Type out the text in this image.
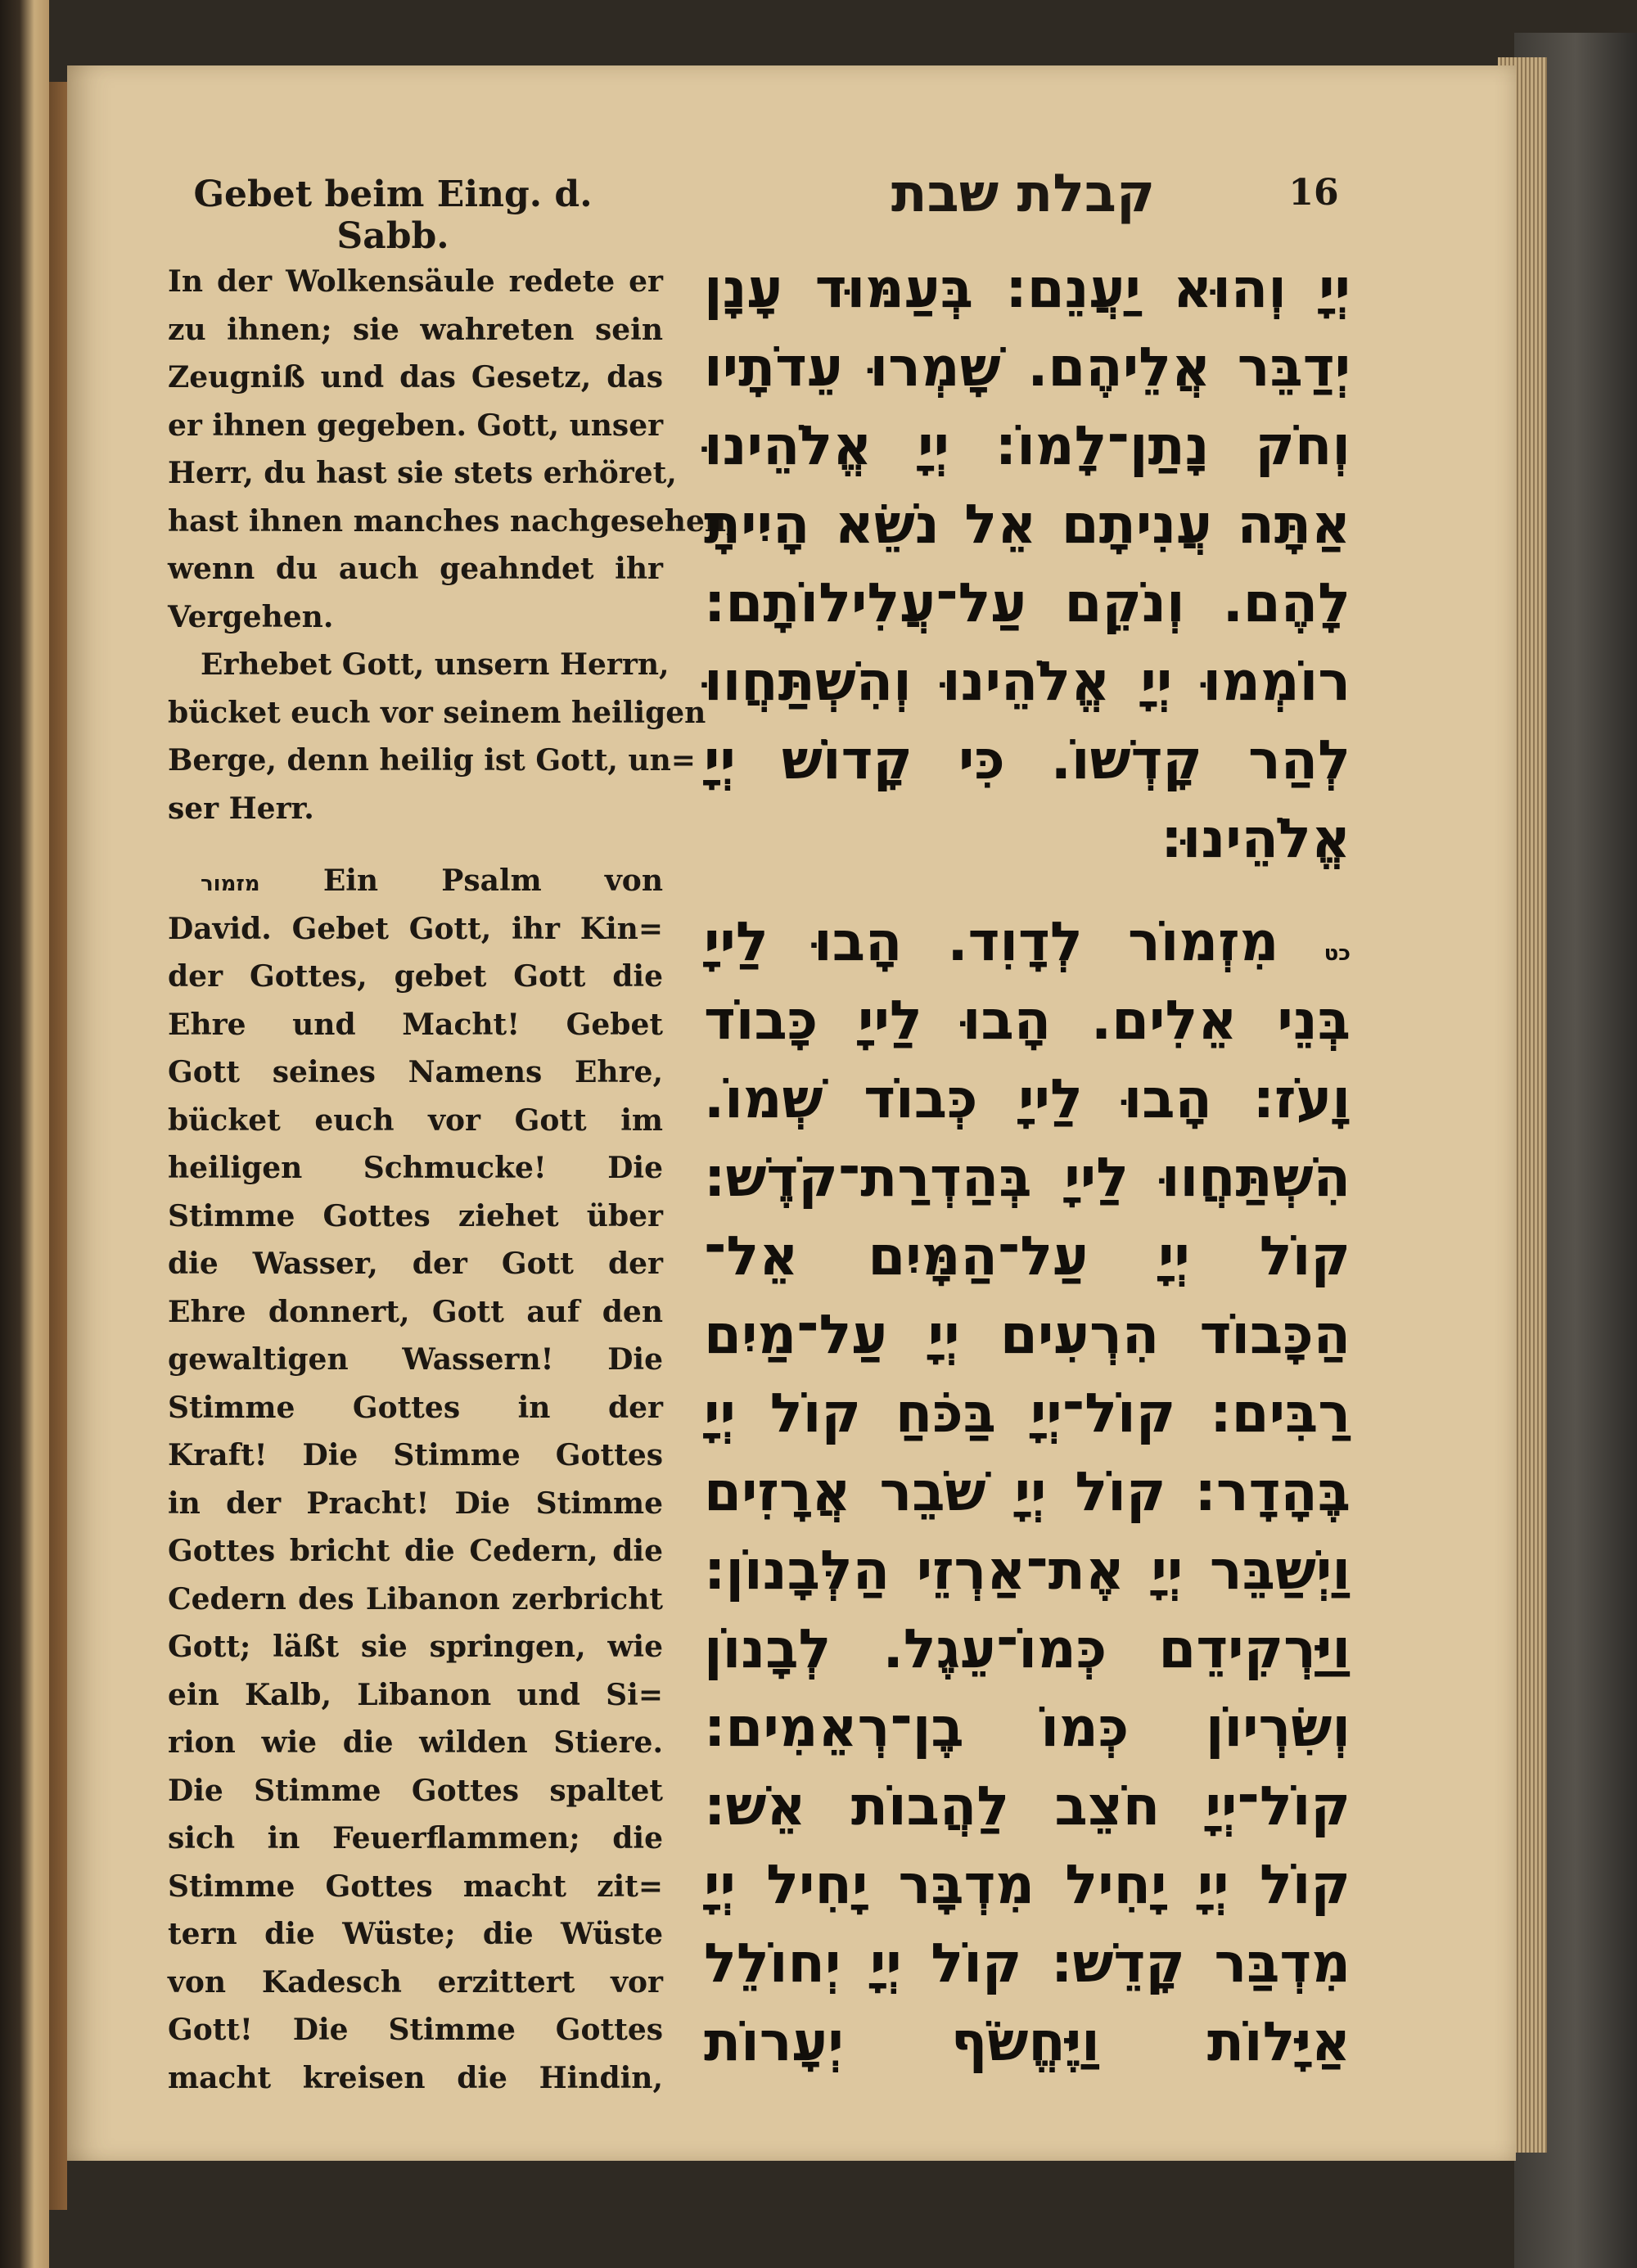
Gebet beim Eing. d. Sabb.
קבלת שבת	16
In der Wolkensäule redete er
zu ihnen; sie wahreten sein
Zeugniß und das Gesetz, das
er ihnen gegeben. Gott, unser
Herr, du hast sie stets erhöret,
hast ihnen manches nachgesehen,
wenn du auch geahndet ihr
Vergehen.
Erhebet Gott, unsern Herrn,
bücket euch vor seinem heiligen
Berge, denn heilig ist Gott, un=
ser Herr.
מזמור Ein Psalm von
David. Gebet Gott, ihr Kin=
der Gottes, gebet Gott die
Ehre und Macht! Gebet
Gott seines Namens Ehre,
bücket euch vor Gott im
heiligen Schmucke! Die
Stimme Gottes ziehet über
die Wasser, der Gott der
Ehre donnert, Gott auf den
gewaltigen Wassern! Die
Stimme Gottes in der
Kraft! Die Stimme Gottes
in der Pracht! Die Stimme
Gottes bricht die Cedern, die
Cedern des Libanon zerbricht
Gott; läßt sie springen, wie
ein Kalb, Libanon und Si=
rion wie die wilden Stiere.
Die Stimme Gottes spaltet
sich in Feuerflammen; die
Stimme Gottes macht zit=
tern die Wüste; die Wüste
von Kadesch erzittert vor
Gott! Die Stimme Gottes
macht kreisen die Hindin,
יְיָ וְהוּא יַעֲנֵם: בְּעַמּוּד עָנָן
יְדַבֵּר אֲלֵיהֶם. שָׁמְרוּ עֵדֹתָיו
וְחֹק נָתַן־לָמוֹ: יְיָ אֱלֹהֵינוּ
אַתָּה עֲנִיתָם אֵל נֹשֵׂא הָיִיתָ
לָהֶם. וְנֹקֵם עַל־עֲלִילוֹתָם:
רוֹמְמוּ יְיָ אֱלֹהֵינוּ וְהִשְׁתַּחֲווּ
לְהַר קָדְשׁוֹ. כִּי קָדוֹשׁ יְיָ
אֱלֹהֵינוּ:
כט מִזְמוֹר לְדָוִד. הָבוּ לַייָ
בְּנֵי אֵלִים. הָבוּ לַייָ כָּבוֹד
וָעֹז: הָבוּ לַייָ כְּבוֹד שְׁמוֹ.
הִשְׁתַּחֲווּ לַייָ בְּהַדְרַת־קֹדֶשׁ:
קוֹל יְיָ עַל־הַמָּיִם אֵל־
הַכָּבוֹד הִרְעִים יְיָ עַל־מַיִם
רַבִּים: קוֹל־יְיָ בַּכֹּחַ קוֹל יְיָ
בֶּהָדָר: קוֹל יְיָ שֹׁבֵר אֲרָזִים
וַיְשַׁבֵּר יְיָ אֶת־אַרְזֵי הַלְּבָנוֹן:
וַיַּרְקִידֵם כְּמוֹ־עֵגֶל. לְבָנוֹן
וְשִׂרְיוֹן כְּמוֹ בֶן־רְאֵמִים:
קוֹל־יְיָ חֹצֵב לַהֲבוֹת אֵשׁ:
קוֹל יְיָ יָחִיל מִדְבָּר יָחִיל יְיָ
מִדְבַּר קָדֵשׁ: קוֹל יְיָ יְחוֹלֵל
אַיָּלוֹת וַיֶּחֱשֹׂף יְעָרוֹת
